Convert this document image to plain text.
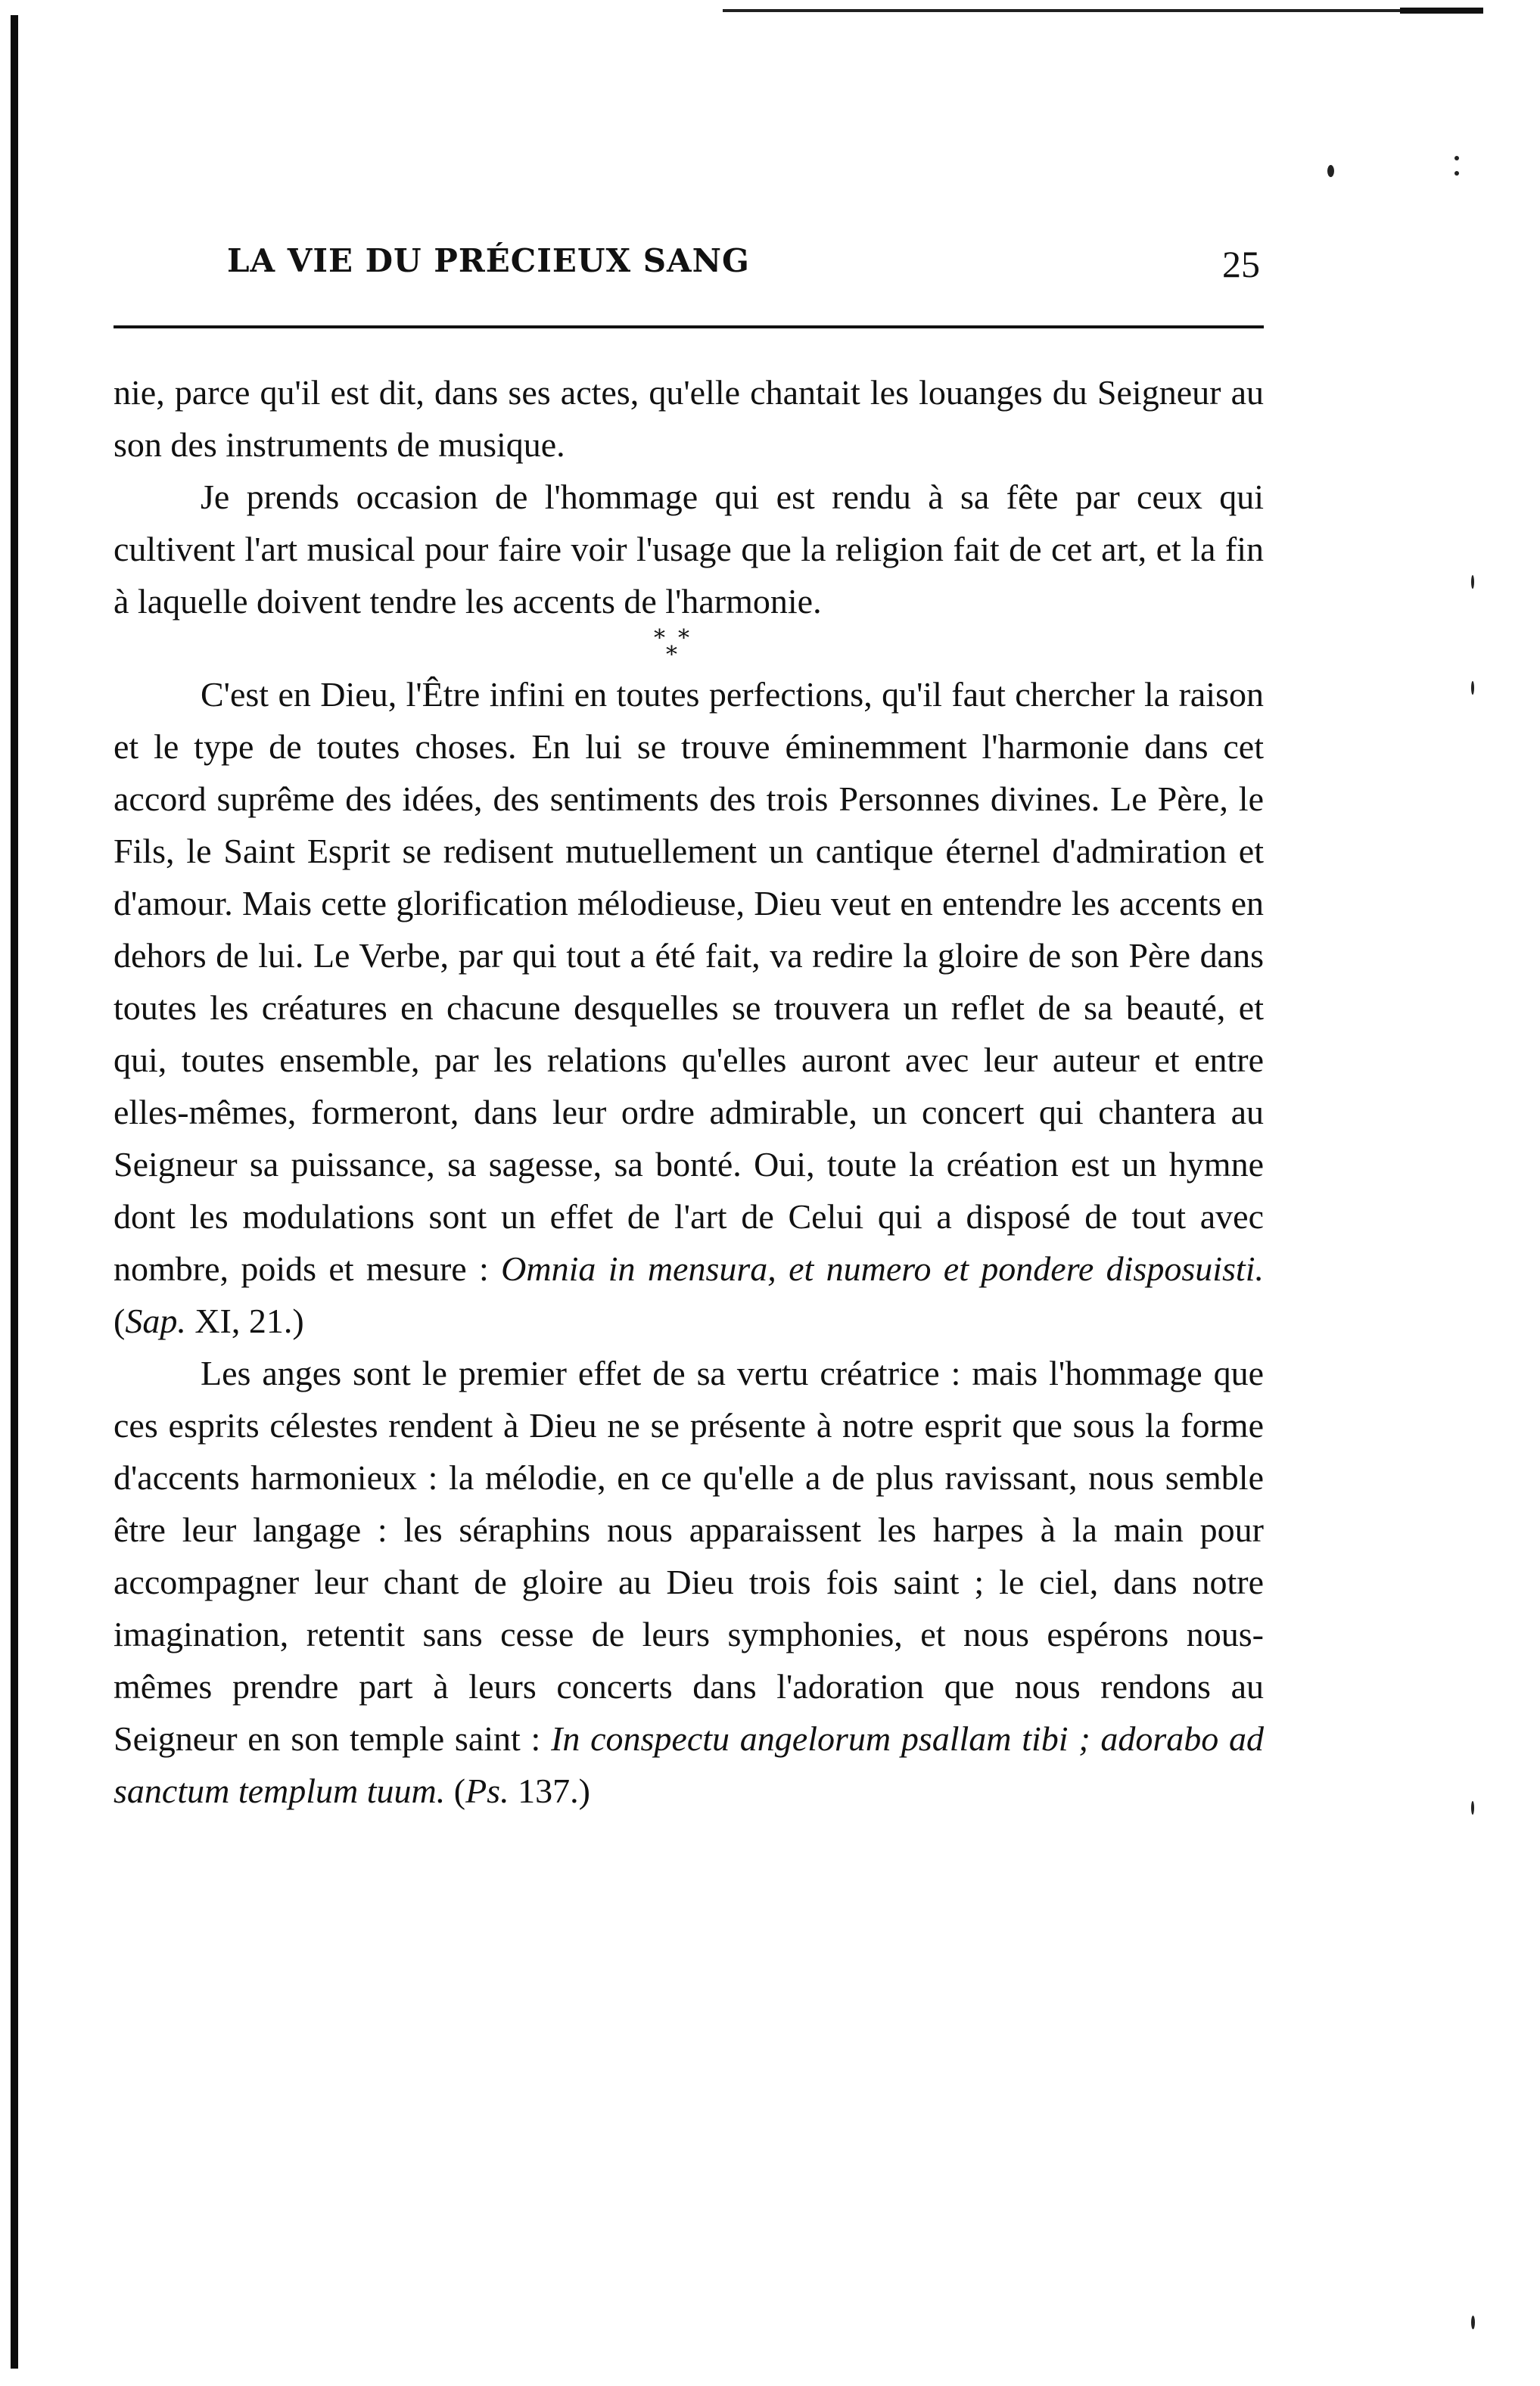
LA VIE DU PRÉCIEUX SANG	25

nie, parce qu'il est dit, dans ses actes, qu'elle chantait les louanges du Seigneur au son des instruments de musique.

Je prends occasion de l'hommage qui est rendu à sa fête par ceux qui cultivent l'art musical pour faire voir l'usage que la religion fait de cet art, et la fin à laquelle doivent tendre les accents de l'harmonie.

* *
*

C'est en Dieu, l'Être infini en toutes perfections, qu'il faut chercher la raison et le type de toutes choses. En lui se trouve éminemment l'harmonie dans cet accord suprême des idées, des sentiments des trois Personnes divines. Le Père, le Fils, le Saint Esprit se redisent mutuellement un cantique éternel d'admiration et d'amour. Mais cette glorification mélodieuse, Dieu veut en entendre les accents en dehors de lui. Le Verbe, par qui tout a été fait, va redire la gloire de son Père dans toutes les créatures en chacune desquelles se trouvera un reflet de sa beauté, et qui, toutes ensemble, par les relations qu'elles auront avec leur auteur et entre elles-mêmes, formeront, dans leur ordre admirable, un concert qui chantera au Seigneur sa puissance, sa sagesse, sa bonté. Oui, toute la création est un hymne dont les modulations sont un effet de l'art de Celui qui a disposé de tout avec nombre, poids et mesure : Omnia in mensura, et numero et pondere disposuisti. (Sap. XI, 21.)

Les anges sont le premier effet de sa vertu créatrice : mais l'hommage que ces esprits célestes rendent à Dieu ne se présente à notre esprit que sous la forme d'accents harmonieux : la mélodie, en ce qu'elle a de plus ravissant, nous semble être leur langage : les séraphins nous apparaissent les harpes à la main pour accompagner leur chant de gloire au Dieu trois fois saint ; le ciel, dans notre imagination, retentit sans cesse de leurs symphonies, et nous espérons nous-mêmes prendre part à leurs concerts dans l'adoration que nous rendons au Seigneur en son temple saint : In conspectu angelorum psallam tibi ; adorabo ad sanctum templum tuum. (Ps. 137.)
